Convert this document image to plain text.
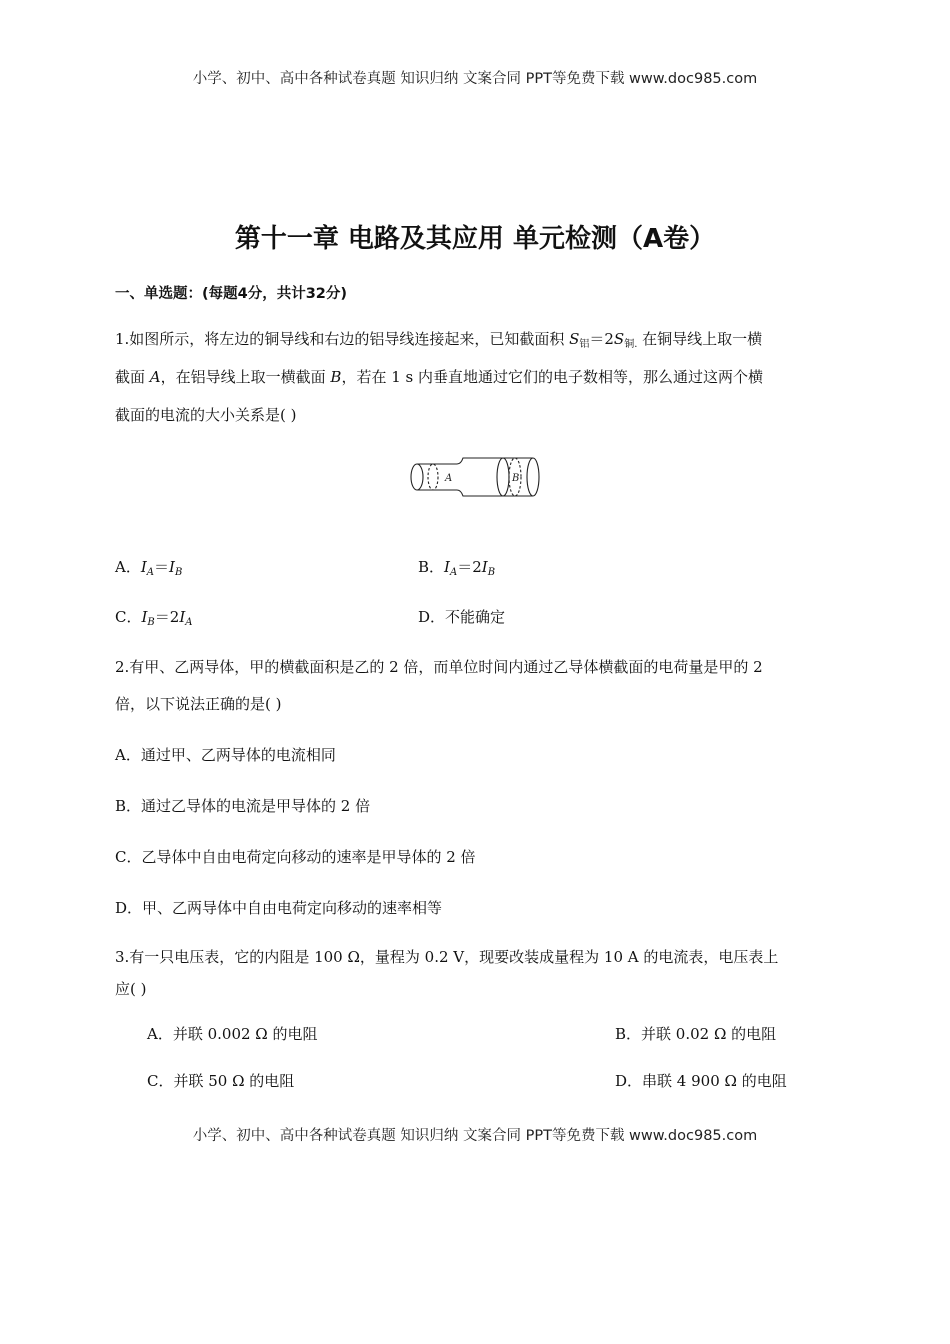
小学、初中、高中各种试卷真题 知识归纳 文案合同 PPT等免费下载 www.doc985.com
第十一章 电路及其应用 单元检测（A卷）
一、单选题：(每题4分，共计32分)
1.如图所示，将左边的铜导线和右边的铝导线连接起来，已知截面积 $S_铝=2S_{铜.}$ 在铜导线上取一横
截面 A，在铝导线上取一横截面 B，若在 1 s 内垂直地通过它们的电子数相等，那么通过这两个横
截面的电流的大小关系是( )
A	B
A．$I_A=I_B$	B．$I_A=2I_B$
C．$I_B=2I_A$	D．不能确定
2.有甲、乙两导体，甲的横截面积是乙的 2 倍，而单位时间内通过乙导体横截面的电荷量是甲的 2
倍，以下说法正确的是( )
A．通过甲、乙两导体的电流相同
B．通过乙导体的电流是甲导体的 2 倍
C．乙导体中自由电荷定向移动的速率是甲导体的 2 倍
D．甲、乙两导体中自由电荷定向移动的速率相等
3.有一只电压表，它的内阻是 100 Ω，量程为 0.2 V，现要改装成量程为 10 A 的电流表，电压表上
应( )
A．并联 0.002 Ω 的电阻	B．并联 0.02 Ω 的电阻
C．并联 50 Ω 的电阻	D．串联 4 900 Ω 的电阻
小学、初中、高中各种试卷真题 知识归纳 文案合同 PPT等免费下载 www.doc985.com
